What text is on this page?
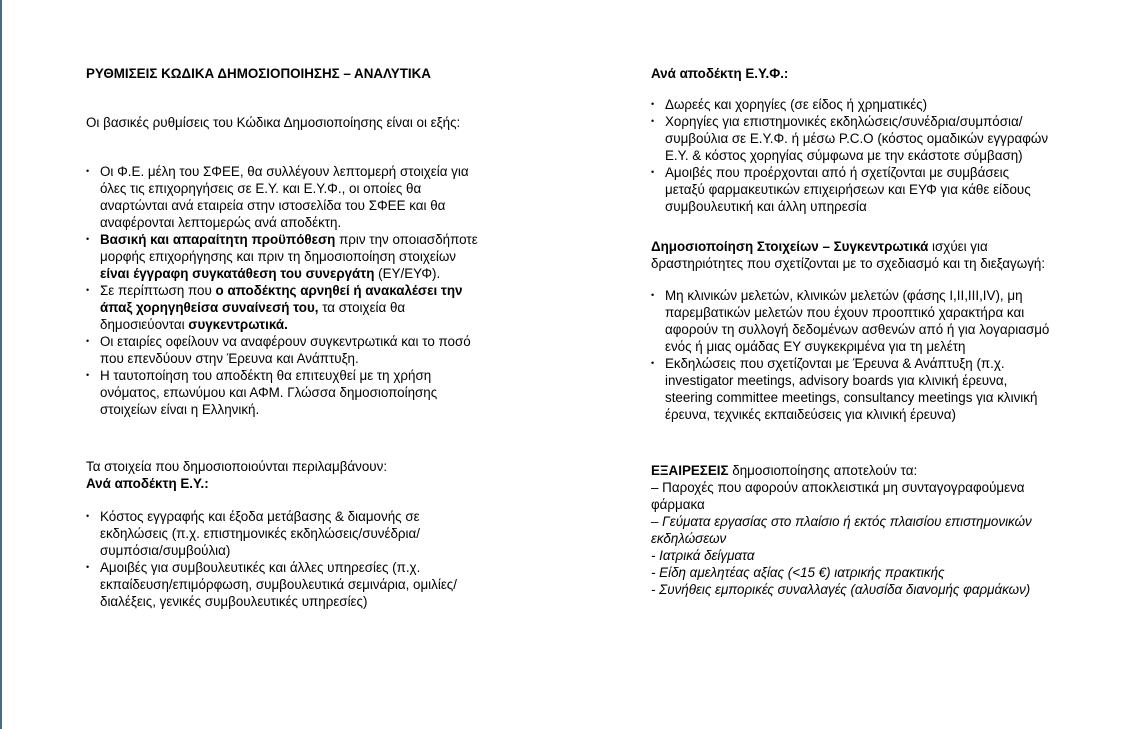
ΡΥΘΜΙΣΕΙΣ ΚΩΔΙΚΑ ΔΗΜΟΣΙΟΠΟΙΗΣΗΣ – ΑΝΑΛΥΤΙΚΑ

Οι βασικές ρυθμίσεις του Κώδικα Δημοσιοποίησης είναι οι εξής:

• Οι Φ.Ε. μέλη του ΣΦΕΕ, θα συλλέγουν λεπτομερή στοιχεία για όλες τις επιχορηγήσεις σε Ε.Υ. και Ε.Υ.Φ., οι οποίες θα αναρτώνται ανά εταιρεία στην ιστοσελίδα του ΣΦΕΕ και θα αναφέρονται λεπτομερώς ανά αποδέκτη.
• Βασική και απαραίτητη προϋπόθεση πριν την οποιασδήποτε μορφής επιχορήγησης και πριν τη δημοσιοποίηση στοιχείων είναι έγγραφη συγκατάθεση του συνεργάτη (ΕΥ/ΕΥΦ).
• Σε περίπτωση που ο αποδέκτης αρνηθεί ή ανακαλέσει την άπαξ χορηγηθείσα συναίνεσή του, τα στοιχεία θα δημοσιεύονται συγκεντρωτικά.
• Οι εταιρίες οφείλουν να αναφέρουν συγκεντρωτικά και το ποσό που επενδύουν στην Έρευνα και Ανάπτυξη.
• Η ταυτοποίηση του αποδέκτη θα επιτευχθεί με τη χρήση ονόματος, επωνύμου και ΑΦΜ. Γλώσσα δημοσιοποίησης στοιχείων είναι η Ελληνική.

Τα στοιχεία που δημοσιοποιούνται περιλαμβάνουν:

Ανά αποδέκτη Ε.Υ.:

• Κόστος εγγραφής και έξοδα μετάβασης & διαμονής σε εκδηλώσεις (π.χ. επιστημονικές εκδηλώσεις/συνέδρια/συμπόσια/συμβούλια)
• Αμοιβές για συμβουλευτικές και άλλες υπηρεσίες (π.χ. εκπαίδευση/επιμόρφωση, συμβουλευτικά σεμινάρια, ομιλίες/διαλέξεις, γενικές συμβουλευτικές υπηρεσίες)

Ανά αποδέκτη Ε.Υ.Φ.:

• Δωρεές και χορηγίες (σε είδος ή χρηματικές)
• Χορηγίες για επιστημονικές εκδηλώσεις/συνέδρια/συμπόσια/συμβούλια σε Ε.Υ.Φ. ή μέσω P.C.O (κόστος ομαδικών εγγραφών Ε.Υ. & κόστος χορηγίας σύμφωνα με την εκάστοτε σύμβαση)
• Αμοιβές που προέρχονται από ή σχετίζονται με συμβάσεις μεταξύ φαρμακευτικών επιχειρήσεων και ΕΥΦ για κάθε είδους συμβουλευτική και άλλη υπηρεσία

Δημοσιοποίηση Στοιχείων – Συγκεντρωτικά ισχύει για δραστηριότητες που σχετίζονται με το σχεδιασμό και τη διεξαγωγή:

• Μη κλινικών μελετών, κλινικών μελετών (φάσης I,II,III,IV), μη παρεμβατικών μελετών που έχουν προοπτικό χαρακτήρα και αφορούν τη συλλογή δεδομένων ασθενών από ή για λογαριασμό ενός ή μιας ομάδας ΕΥ συγκεκριμένα για τη μελέτη
• Εκδηλώσεις που σχετίζονται με Έρευνα & Ανάπτυξη (π.χ. investigator meetings, advisory boards για κλινική έρευνα, steering committee meetings, consultancy meetings για κλινική έρευνα, τεχνικές εκπαιδεύσεις για κλινική έρευνα)

ΕΞΑΙΡΕΣΕΙΣ δημοσιοποίησης αποτελούν τα:

– Παροχές που αφορούν αποκλειστικά μη συνταγογραφούμενα φάρμακα

– Γεύματα εργασίας στο πλαίσιο ή εκτός πλαισίου επιστημονικών εκδηλώσεων

- Ιατρικά δείγματα

- Είδη αμελητέας αξίας (<15 €) ιατρικής πρακτικής

- Συνήθεις εμπορικές συναλλαγές (αλυσίδα διανομής φαρμάκων)
